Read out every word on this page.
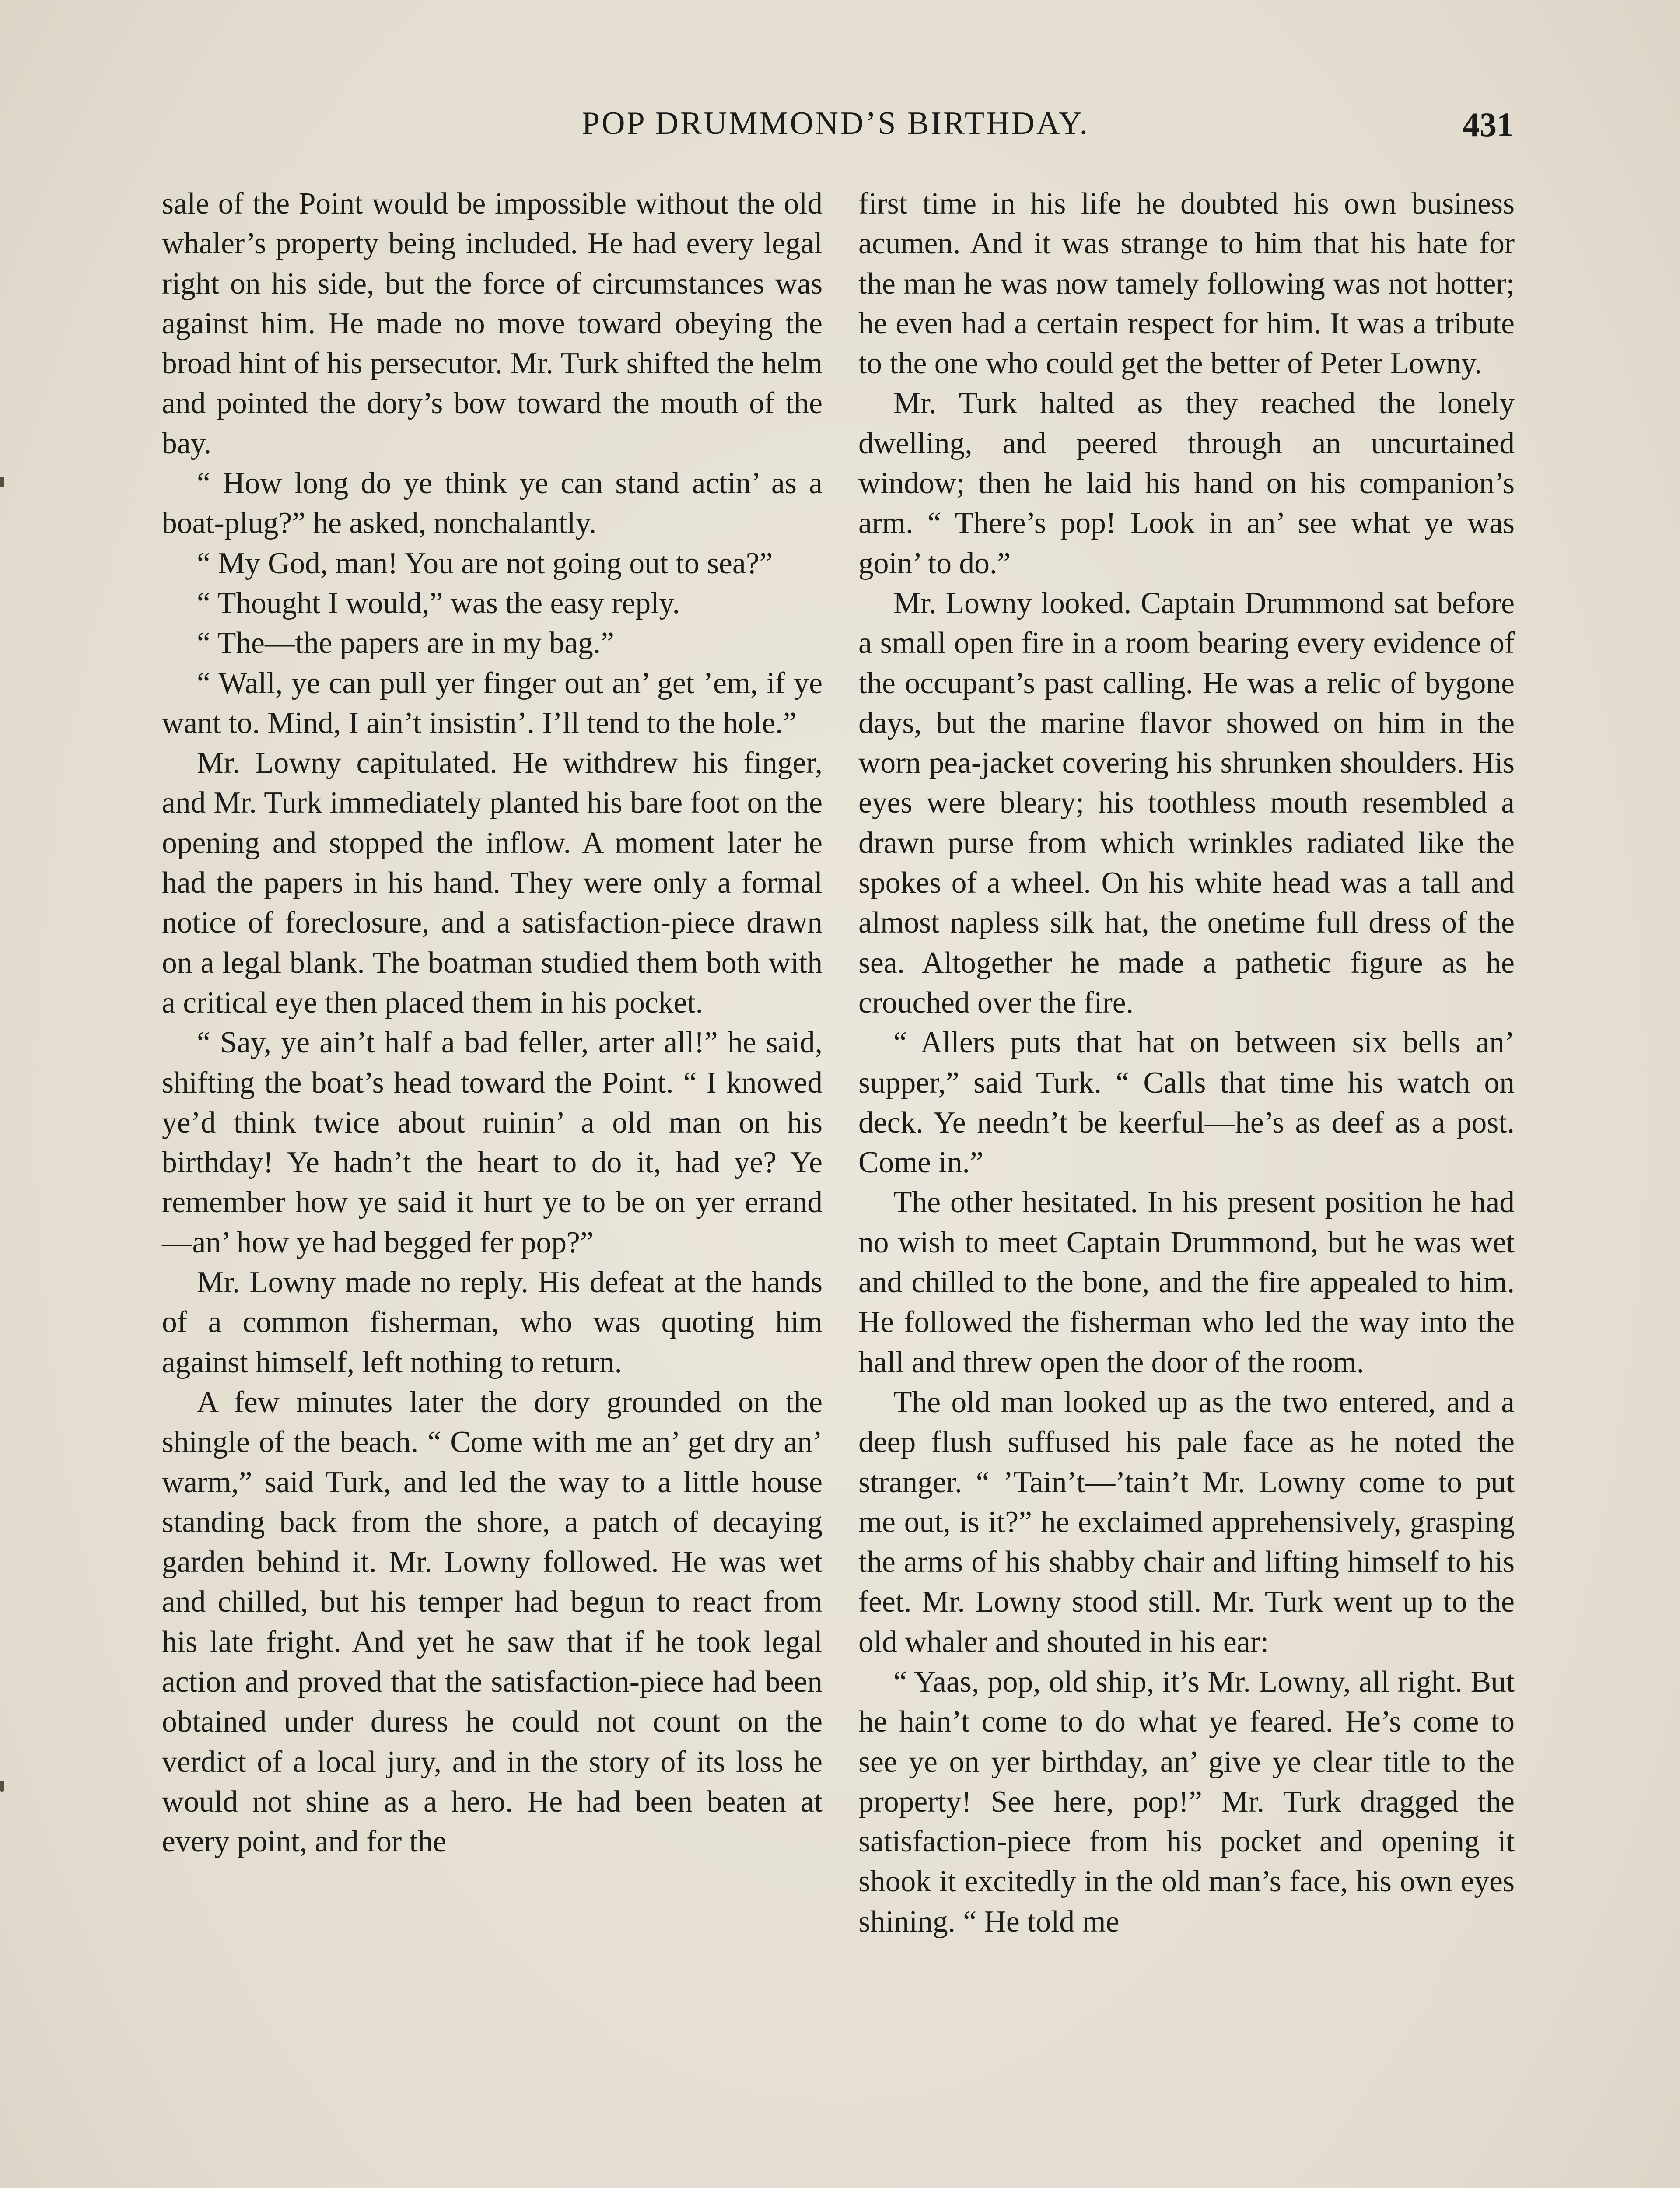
POP DRUMMOND’S BIRTHDAY.	431

sale of the Point would be impossible without the old whaler’s property being included. He had every legal right on his side, but the force of circumstances was against him. He made no move toward obeying the broad hint of his persecutor. Mr. Turk shifted the helm and pointed the dory’s bow toward the mouth of the bay.

“ How long do ye think ye can stand actin’ as a boat-plug?” he asked, nonchalantly.

“ My God, man! You are not going out to sea?”

“ Thought I would,” was the easy reply.

“ The—the papers are in my bag.”

“ Wall, ye can pull yer finger out an’ get ’em, if ye want to. Mind, I ain’t insistin’. I’ll tend to the hole.”

Mr. Lowny capitulated. He withdrew his finger, and Mr. Turk immediately planted his bare foot on the opening and stopped the inflow. A moment later he had the papers in his hand. They were only a formal notice of foreclosure, and a satisfaction-piece drawn on a legal blank. The boatman studied them both with a critical eye then placed them in his pocket.

“ Say, ye ain’t half a bad feller, arter all!” he said, shifting the boat’s head toward the Point. “ I knowed ye’d think twice about ruinin’ a old man on his birthday! Ye hadn’t the heart to do it, had ye? Ye remember how ye said it hurt ye to be on yer errand—an’ how ye had begged fer pop?”

Mr. Lowny made no reply. His defeat at the hands of a common fisherman, who was quoting him against himself, left nothing to return.

A few minutes later the dory grounded on the shingle of the beach. “ Come with me an’ get dry an’ warm,” said Turk, and led the way to a little house standing back from the shore, a patch of decaying garden behind it. Mr. Lowny followed. He was wet and chilled, but his temper had begun to react from his late fright. And yet he saw that if he took legal action and proved that the satisfaction-piece had been obtained under duress he could not count on the verdict of a local jury, and in the story of its loss he would not shine as a hero. He had been beaten at every point, and for the

first time in his life he doubted his own business acumen. And it was strange to him that his hate for the man he was now tamely following was not hotter; he even had a certain respect for him. It was a tribute to the one who could get the better of Peter Lowny.

Mr. Turk halted as they reached the lonely dwelling, and peered through an uncurtained window; then he laid his hand on his companion’s arm. “ There’s pop! Look in an’ see what ye was goin’ to do.”

Mr. Lowny looked. Captain Drummond sat before a small open fire in a room bearing every evidence of the occupant’s past calling. He was a relic of bygone days, but the marine flavor showed on him in the worn pea-jacket covering his shrunken shoulders. His eyes were bleary; his toothless mouth resembled a drawn purse from which wrinkles radiated like the spokes of a wheel. On his white head was a tall and almost napless silk hat, the onetime full dress of the sea. Altogether he made a pathetic figure as he crouched over the fire.

“ Allers puts that hat on between six bells an’ supper,” said Turk. “ Calls that time his watch on deck. Ye needn’t be keerful—he’s as deef as a post. Come in.”

The other hesitated. In his present position he had no wish to meet Captain Drummond, but he was wet and chilled to the bone, and the fire appealed to him. He followed the fisherman who led the way into the hall and threw open the door of the room.

The old man looked up as the two entered, and a deep flush suffused his pale face as he noted the stranger. “ ’Tain’t—’tain’t Mr. Lowny come to put me out, is it?” he exclaimed apprehensively, grasping the arms of his shabby chair and lifting himself to his feet. Mr. Lowny stood still. Mr. Turk went up to the old whaler and shouted in his ear:

“ Yaas, pop, old ship, it’s Mr. Lowny, all right. But he hain’t come to do what ye feared. He’s come to see ye on yer birthday, an’ give ye clear title to the property! See here, pop!” Mr. Turk dragged the satisfaction-piece from his pocket and opening it shook it excitedly in the old man’s face, his own eyes shining. “ He told me
